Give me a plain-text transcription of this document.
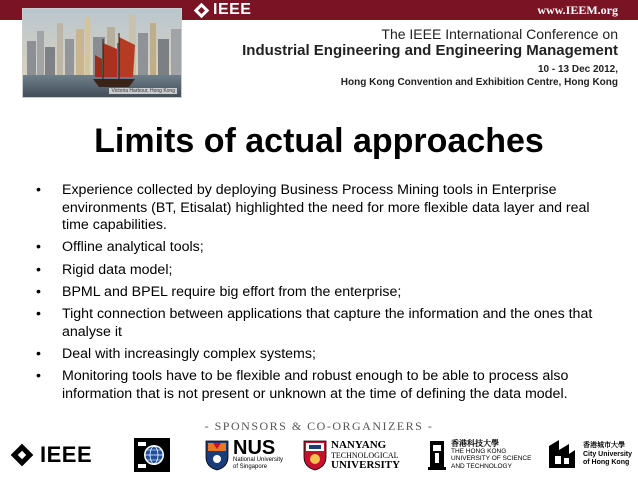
IEEE	www.IEEM.org
Victoria Harbour, Hong Kong
The IEEE International Conference on
Industrial Engineering and Engineering Management
10 - 13 Dec 2012,
Hong Kong Convention and Exhibition Centre, Hong Kong
Limits of actual approaches
• Experience collected by deploying Business Process Mining tools in Enterprise environments (BT, Etisalat) highlighted the need for more flexible data layer and real time capabilities.
• Offline analytical tools;
• Rigid data model;
• BPML and BPEL require big effort from the enterprise;
• Tight connection between applications that capture the information and the ones that analyse it
• Deal with increasingly complex systems;
• Monitoring tools have to be flexible and robust enough to be able to process also information that is not present or unknown at the time of defining the data model.
- SPONSORS & CO-ORGANIZERS -
IEEE	NUS
National University
of Singapore
NANYANG
TECHNOLOGICAL
UNIVERSITY
香港科技大學
THE HONG KONG
UNIVERSITY OF SCIENCE
AND TECHNOLOGY
香港城市大學
City University
of Hong Kong
